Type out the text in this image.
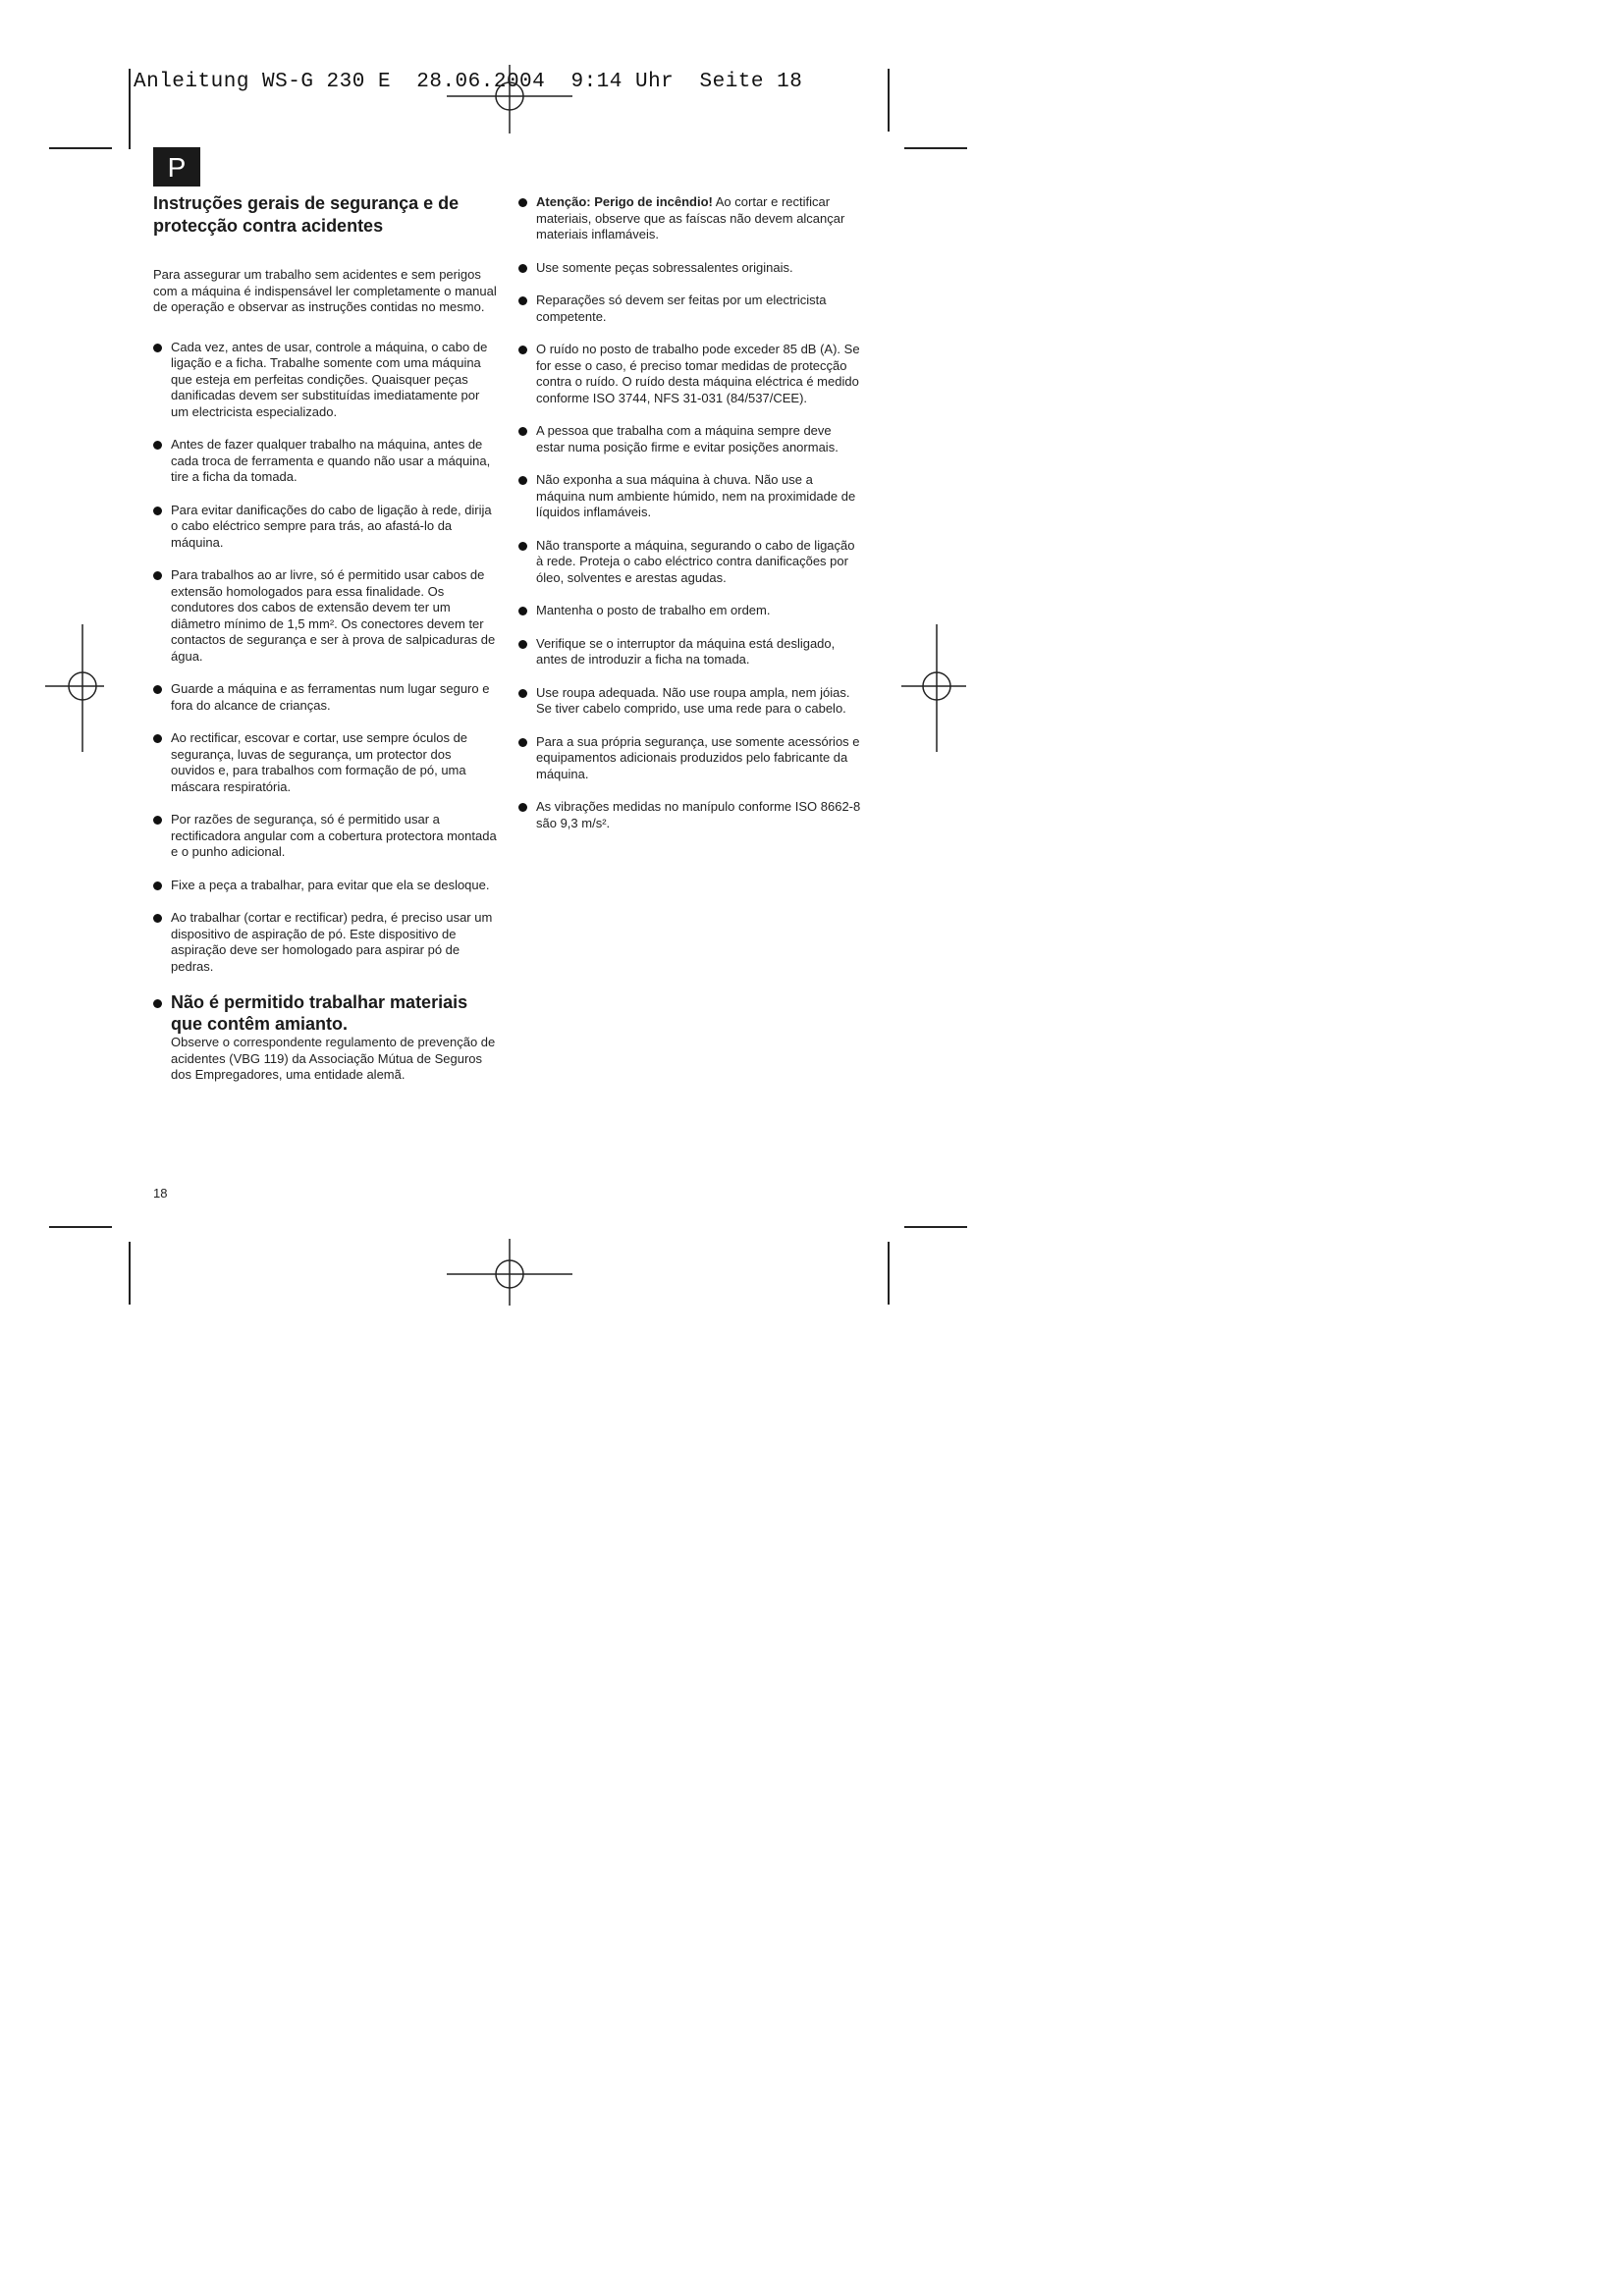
Anleitung WS-G 230 E  28.06.2004  9:14 Uhr  Seite 18
P
Instruções gerais de segurança e de protecção contra acidentes
Para assegurar um trabalho sem acidentes e sem perigos com a máquina é indispensável ler completamente o manual de operação e observar as instruções contidas no mesmo.
Cada vez, antes de usar, controle a máquina, o cabo de ligação e a ficha. Trabalhe somente com uma máquina que esteja em perfeitas condições. Quaisquer peças danificadas devem ser substituídas imediatamente por um electricista especializado.
Antes de fazer qualquer trabalho na máquina, antes de cada troca de ferramenta e quando não usar a máquina, tire a ficha da tomada.
Para evitar danificações do cabo de ligação à rede, dirija o cabo eléctrico sempre para trás, ao afastá-lo da máquina.
Para trabalhos ao ar livre, só é permitido usar cabos de extensão homologados para essa finalidade. Os condutores dos cabos de extensão devem ter um diâmetro mínimo de 1,5 mm². Os conectores devem ter contactos de segurança e ser à prova de salpicaduras de água.
Guarde a máquina e as ferramentas num lugar seguro e fora do alcance de crianças.
Ao rectificar, escovar e cortar, use sempre óculos de segurança, luvas de segurança, um protector dos ouvidos e, para trabalhos com formação de pó, uma máscara respiratória.
Por razões de segurança, só é permitido usar a rectificadora angular com a cobertura protectora montada e o punho adicional.
Fixe a peça a trabalhar, para evitar que ela se desloque.
Ao trabalhar (cortar e rectificar) pedra, é preciso usar um dispositivo de aspiração de pó. Este dispositivo de aspiração deve ser homologado para aspirar pó de pedras.
Não é permitido trabalhar materiais que contêm amianto.
Observe o correspondente regulamento de prevenção de acidentes (VBG 119) da Associação Mútua de Seguros dos Empregadores, uma entidade alemã.
Atenção: Perigo de incêndio! Ao cortar e rectificar materiais, observe que as faíscas não devem alcançar materiais inflamáveis.
Use somente peças sobressalentes originais.
Reparações só devem ser feitas por um electricista competente.
O ruído no posto de trabalho pode exceder 85 dB (A). Se for esse o caso, é preciso tomar medidas de protecção contra o ruído. O ruído desta máquina eléctrica é medido conforme ISO 3744, NFS 31-031 (84/537/CEE).
A pessoa que trabalha com a máquina sempre deve estar numa posição firme e evitar posições anormais.
Não exponha a sua máquina à chuva. Não use a máquina num ambiente húmido, nem na proximidade de líquidos inflamáveis.
Não transporte a máquina, segurando o cabo de ligação à rede. Proteja o cabo eléctrico contra danificações por óleo, solventes e arestas agudas.
Mantenha o posto de trabalho em ordem.
Verifique se o interruptor da máquina está desligado, antes de introduzir a ficha na tomada.
Use roupa adequada. Não use roupa ampla, nem jóias. Se tiver cabelo comprido, use uma rede para o cabelo.
Para a sua própria segurança, use somente acessórios e equipamentos adicionais produzidos pelo fabricante da máquina.
As vibrações medidas no manípulo conforme ISO 8662-8 são 9,3 m/s².
18
